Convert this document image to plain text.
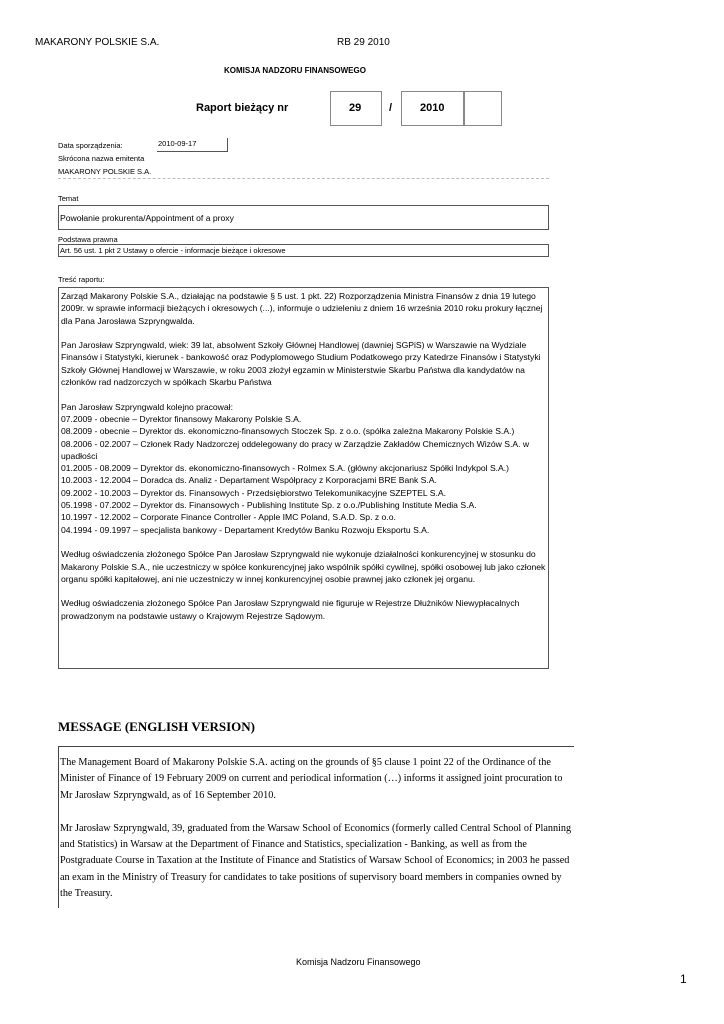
MAKARONY POLSKIE S.A.	RB 29 2010
KOMISJA NADZORU FINANSOWEGO
Raport bieżący nr	29	/	2010
Data sporządzenia:	2010-09-17
Skrócona nazwa emitenta
MAKARONY POLSKIE S.A.
Temat
Powołanie prokurenta/Appointment of a proxy
Podstawa prawna
Art. 56 ust. 1 pkt 2 Ustawy o ofercie - informacje bieżące i okresowe
Treść raportu:

Zarząd Makarony Polskie S.A., działając na podstawie § 5 ust. 1 pkt. 22) Rozporządzenia Ministra Finansów z dnia 19 lutego 2009r. w sprawie informacji bieżących i okresowych (...), informuje o udzieleniu z dniem 16 września 2010 roku prokury łącznej dla Pana Jarosława Szpryngwalda.

Pan Jarosław Szpryngwald, wiek: 39 lat, absolwent Szkoły Głównej Handlowej (dawniej SGPiS) w Warszawie na Wydziale Finansów i Statystyki, kierunek - bankowość oraz Podyplomowego Studium Podatkowego przy Katedrze Finansów i Statystyki Szkoły Głównej Handlowej w Warszawie, w roku 2003 złożył egzamin w Ministerstwie Skarbu Państwa dla kandydatów na członków rad nadzorczych w spółkach Skarbu Państwa

Pan Jarosław Szpryngwald kolejno pracował:
07.2009 - obecnie – Dyrektor finansowy Makarony Polskie S.A.
08.2009 - obecnie – Dyrektor ds. ekonomiczno-finansowych Stoczek Sp. z o.o. (spółka zależna Makarony Polskie S.A.)
08.2006 - 02.2007 – Członek Rady Nadzorczej oddelegowany do pracy w Zarządzie Zakładów Chemicznych Wizów S.A. w upadłości
01.2005 - 08.2009 – Dyrektor ds. ekonomiczno-finansowych - Rolmex S.A. (główny akcjonariusz Spółki Indykpol S.A.)
10.2003 - 12.2004 – Doradca ds. Analiz - Departament Współpracy z Korporacjami BRE Bank S.A.
09.2002 - 10.2003 – Dyrektor ds. Finansowych - Przedsiębiorstwo Telekomunikacyjne SZEPTEL S.A.
05.1998 - 07.2002 – Dyrektor ds. Finansowych - Publishing Institute Sp. z o.o./Publishing Institute Media S.A.
10.1997 - 12.2002 – Corporate Finance Controller - Apple IMC Poland, S.A.D. Sp. z o.o.

04.1994 - 09.1997 – specjalista bankowy - Departament Kredytów Banku Rozwoju Eksportu S.A.

Według oświadczenia złożonego Spółce Pan Jarosław Szpryngwald nie wykonuje działalności konkurencyjnej w stosunku do Makarony Polskie S.A., nie uczestniczy w spółce konkurencyjnej jako wspólnik spółki cywilnej, spółki osobowej lub jako członek organu spółki kapitałowej, ani nie uczestniczy w innej konkurencyjnej osobie prawnej jako członek jej organu.

Według oświadczenia złożonego Spółce Pan Jarosław Szpryngwald nie figuruje w Rejestrze Dłużników Niewypłacalnych prowadzonym na podstawie ustawy o Krajowym Rejestrze Sądowym.

MESSAGE (ENGLISH VERSION)

The Management Board of Makarony Polskie S.A. acting on the grounds of §5 clause 1 point 22 of the Ordinance of the Minister of Finance of 19 February 2009 on current and periodical information (…) informs it assigned joint procuration to Mr Jarosław Szpryngwald, as of 16 September 2010.

Mr Jarosław Szpryngwald, 39, graduated from the Warsaw School of Economics (formerly called Central School of Planning and Statistics) in Warsaw at the Department of Finance and Statistics, specialization - Banking, as well as from the Postgraduate Course in Taxation at the Institute of Finance and Statistics of Warsaw School of Economics; in 2003 he passed an exam in the Ministry of Treasury for candidates to take positions of supervisory board members in companies owned by the Treasury.

Komisja Nadzoru Finansowego
1
